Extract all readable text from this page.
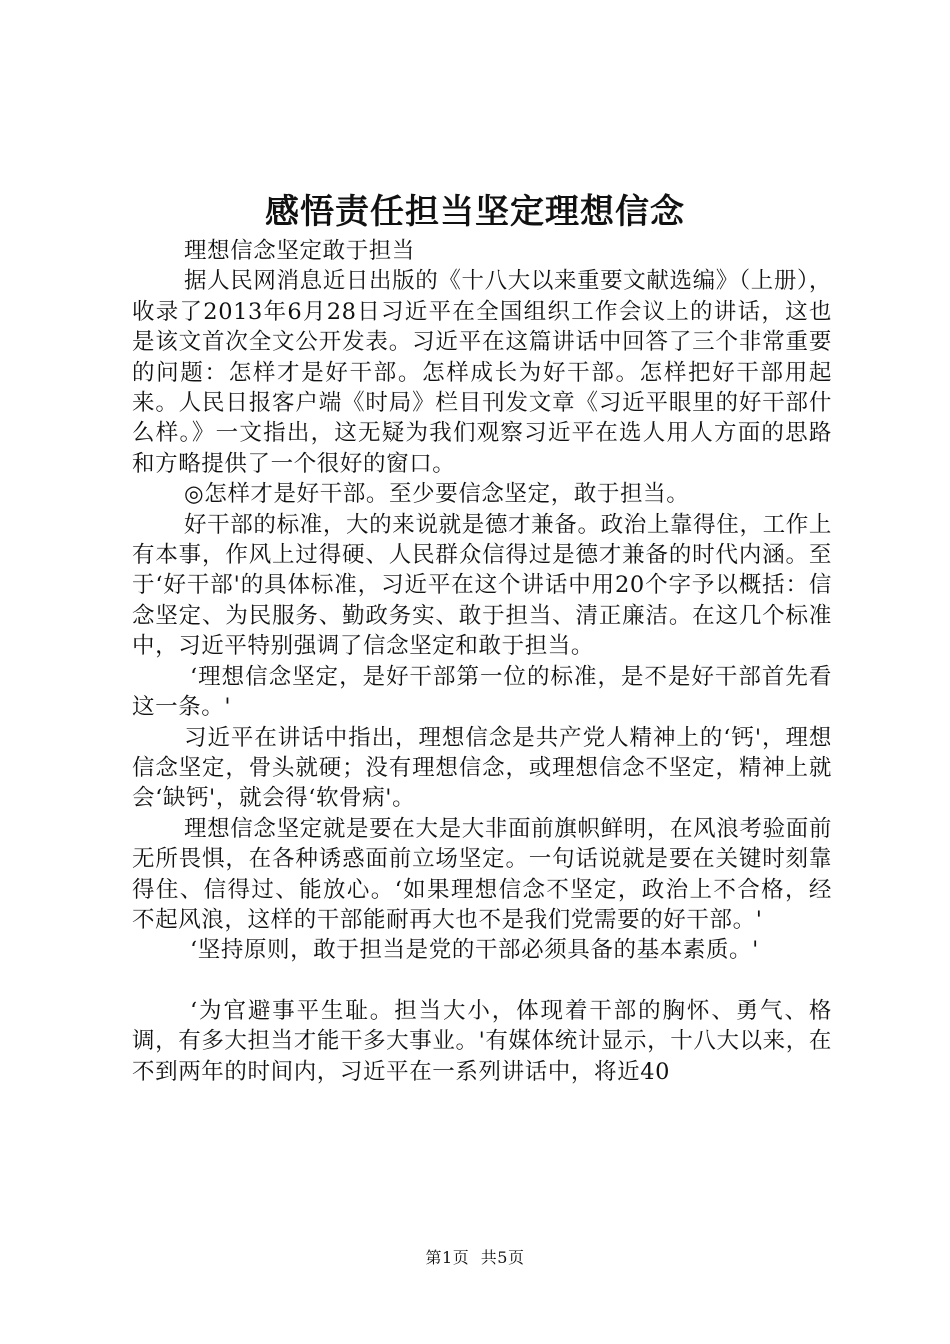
感悟责任担当坚定理想信念

理想信念坚定敢于担当

据人民网消息近日出版的《十八大以来重要文献选编》（上册），收录了2013年6月28日习近平在全国组织工作会议上的讲话，这也是该文首次全文公开发表。习近平在这篇讲话中回答了三个非常重要的问题：怎样才是好干部。怎样成长为好干部。怎样把好干部用起来。人民日报客户端《时局》栏目刊发文章《习近平眼里的好干部什么样。》一文指出，这无疑为我们观察习近平在选人用人方面的思路和方略提供了一个很好的窗口。

◎怎样才是好干部。至少要信念坚定，敢于担当。

好干部的标准，大的来说就是德才兼备。政治上靠得住，工作上有本事，作风上过得硬、人民群众信得过是德才兼备的时代内涵。至于‘好干部'的具体标准，习近平在这个讲话中用20个字予以概括：信念坚定、为民服务、勤政务实、敢于担当、清正廉洁。在这几个标准中，习近平特别强调了信念坚定和敢于担当。

‘理想信念坚定，是好干部第一位的标准，是不是好干部首先看这一条。'

习近平在讲话中指出，理想信念是共产党人精神上的‘钙'，理想信念坚定，骨头就硬；没有理想信念，或理想信念不坚定，精神上就会‘缺钙'，就会得‘软骨病'。

理想信念坚定就是要在大是大非面前旗帜鲜明，在风浪考验面前无所畏惧，在各种诱惑面前立场坚定。一句话说就是要在关键时刻靠得住、信得过、能放心。‘如果理想信念不坚定，政治上不合格，经不起风浪，这样的干部能耐再大也不是我们党需要的好干部。'

‘坚持原则，敢于担当是党的干部必须具备的基本素质。'

‘为官避事平生耻。担当大小，体现着干部的胸怀、勇气、格调，有多大担当才能干多大事业。'有媒体统计显示，十八大以来，在不到两年的时间内，习近平在一系列讲话中，将近40

第1页 共5页
